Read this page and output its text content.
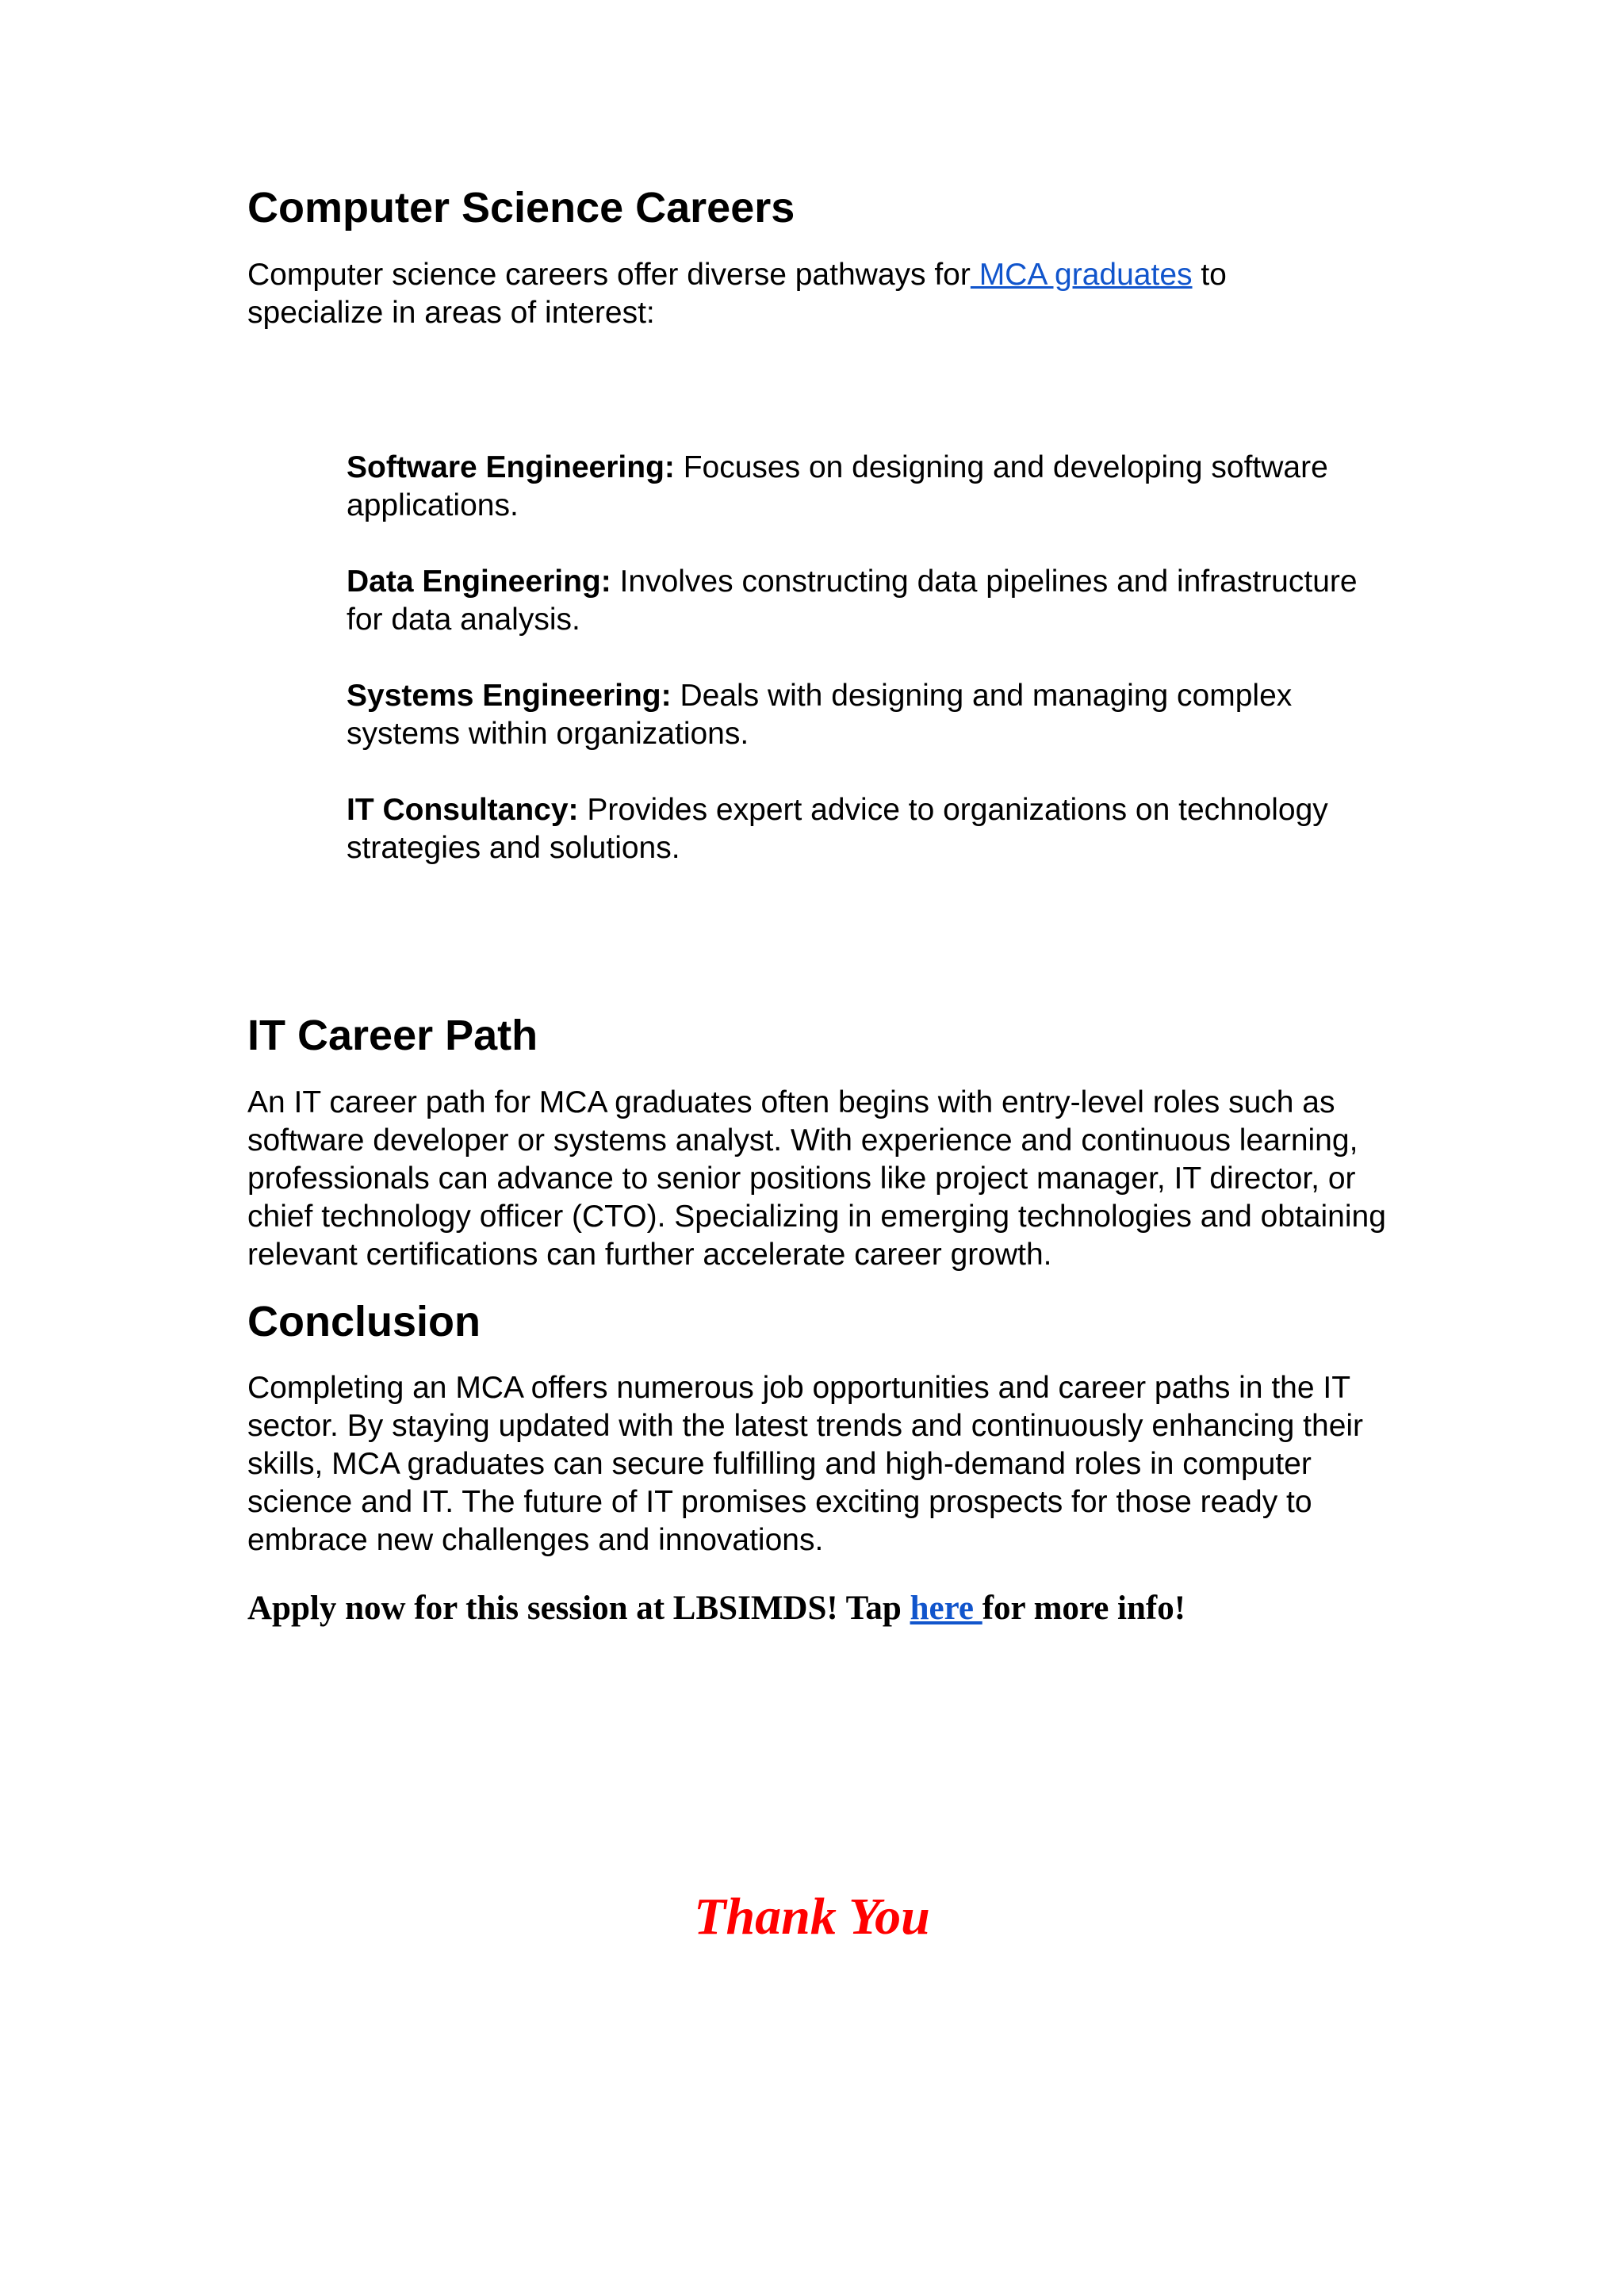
Computer Science Careers

Computer science careers offer diverse pathways for MCA graduates to specialize in areas of interest:

Software Engineering: Focuses on designing and developing software applications.

Data Engineering: Involves constructing data pipelines and infrastructure for data analysis.

Systems Engineering: Deals with designing and managing complex systems within organizations.

IT Consultancy: Provides expert advice to organizations on technology strategies and solutions.

IT Career Path

An IT career path for MCA graduates often begins with entry-level roles such as software developer or systems analyst. With experience and continuous learning, professionals can advance to senior positions like project manager, IT director, or chief technology officer (CTO). Specializing in emerging technologies and obtaining relevant certifications can further accelerate career growth.

Conclusion

Completing an MCA offers numerous job opportunities and career paths in the IT sector. By staying updated with the latest trends and continuously enhancing their skills, MCA graduates can secure fulfilling and high-demand roles in computer science and IT. The future of IT promises exciting prospects for those ready to embrace new challenges and innovations.

Apply now for this session at LBSIMDS! Tap here for more info!

Thank You
